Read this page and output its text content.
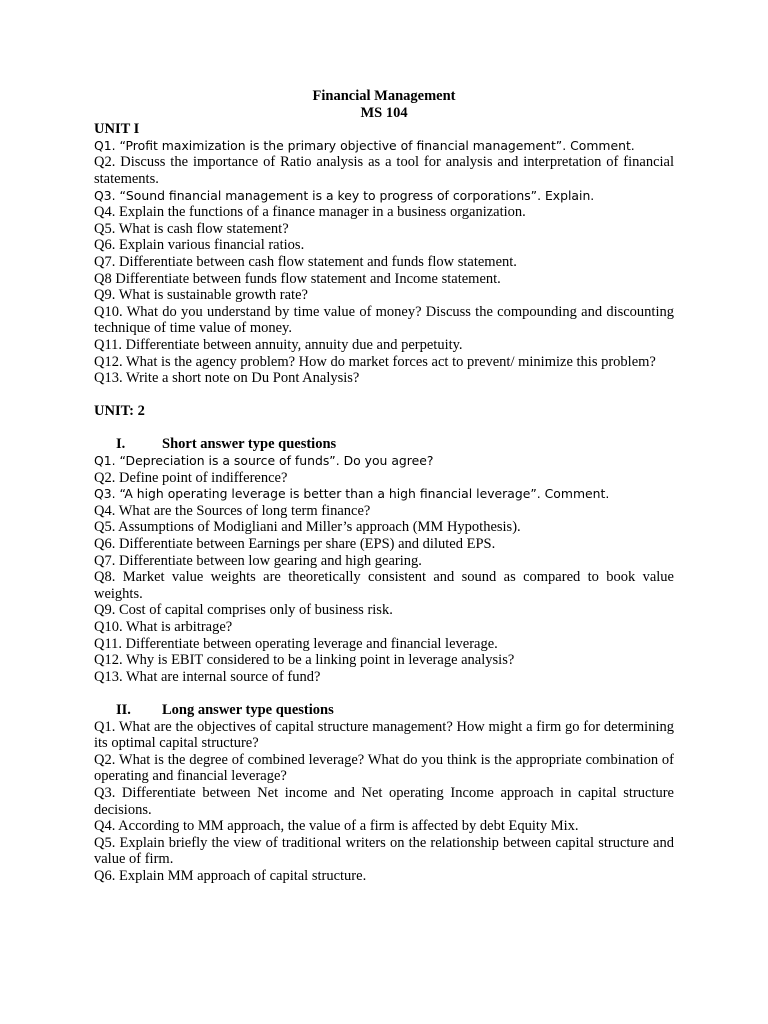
Financial Management
MS 104
UNIT I
Q1. “Profit maximization is the primary objective of financial management”. Comment.
Q2. Discuss the importance of Ratio analysis as a tool for analysis and interpretation of financial statements.
Q3. “Sound financial management is a key to progress of corporations”. Explain.
Q4. Explain the functions of a finance manager in a business organization.
Q5. What is cash flow statement?
Q6. Explain various financial ratios.
Q7. Differentiate between cash flow statement and funds flow statement.
Q8 Differentiate between funds flow statement and Income statement.
Q9. What is sustainable growth rate?
Q10. What do you understand by time value of money? Discuss the compounding and discounting technique of time value of money.
Q11. Differentiate between annuity, annuity due and perpetuity.
Q12. What is the agency problem? How do market forces act to prevent/ minimize this problem?
Q13. Write a short note on Du Pont Analysis?
UNIT: 2
I.	Short answer type questions
Q1. “Depreciation is a source of funds”. Do you agree?
Q2. Define point of indifference?
Q3. “A high operating leverage is better than a high financial leverage”. Comment.
Q4. What are the Sources of long term finance?
Q5. Assumptions of Modigliani and Miller’s approach (MM Hypothesis).
Q6. Differentiate between Earnings per share (EPS) and diluted EPS.
Q7. Differentiate between low gearing and high gearing.
Q8. Market value weights are theoretically consistent and sound as compared to book value weights.
Q9. Cost of capital comprises only of business risk.
Q10. What is arbitrage?
Q11. Differentiate between operating leverage and financial leverage.
Q12. Why is EBIT considered to be a linking point in leverage analysis?
Q13. What are internal source of fund?
II.	Long answer type questions
Q1. What are the objectives of capital structure management? How might a firm go for determining its optimal capital structure?
Q2. What is the degree of combined leverage? What do you think is the appropriate combination of operating and financial leverage?
Q3. Differentiate between Net income and Net operating Income approach in capital structure decisions.
Q4. According to MM approach, the value of a firm is affected by debt Equity Mix.
Q5. Explain briefly the view of traditional writers on the relationship between capital structure and value of firm.
Q6. Explain MM approach of capital structure.
